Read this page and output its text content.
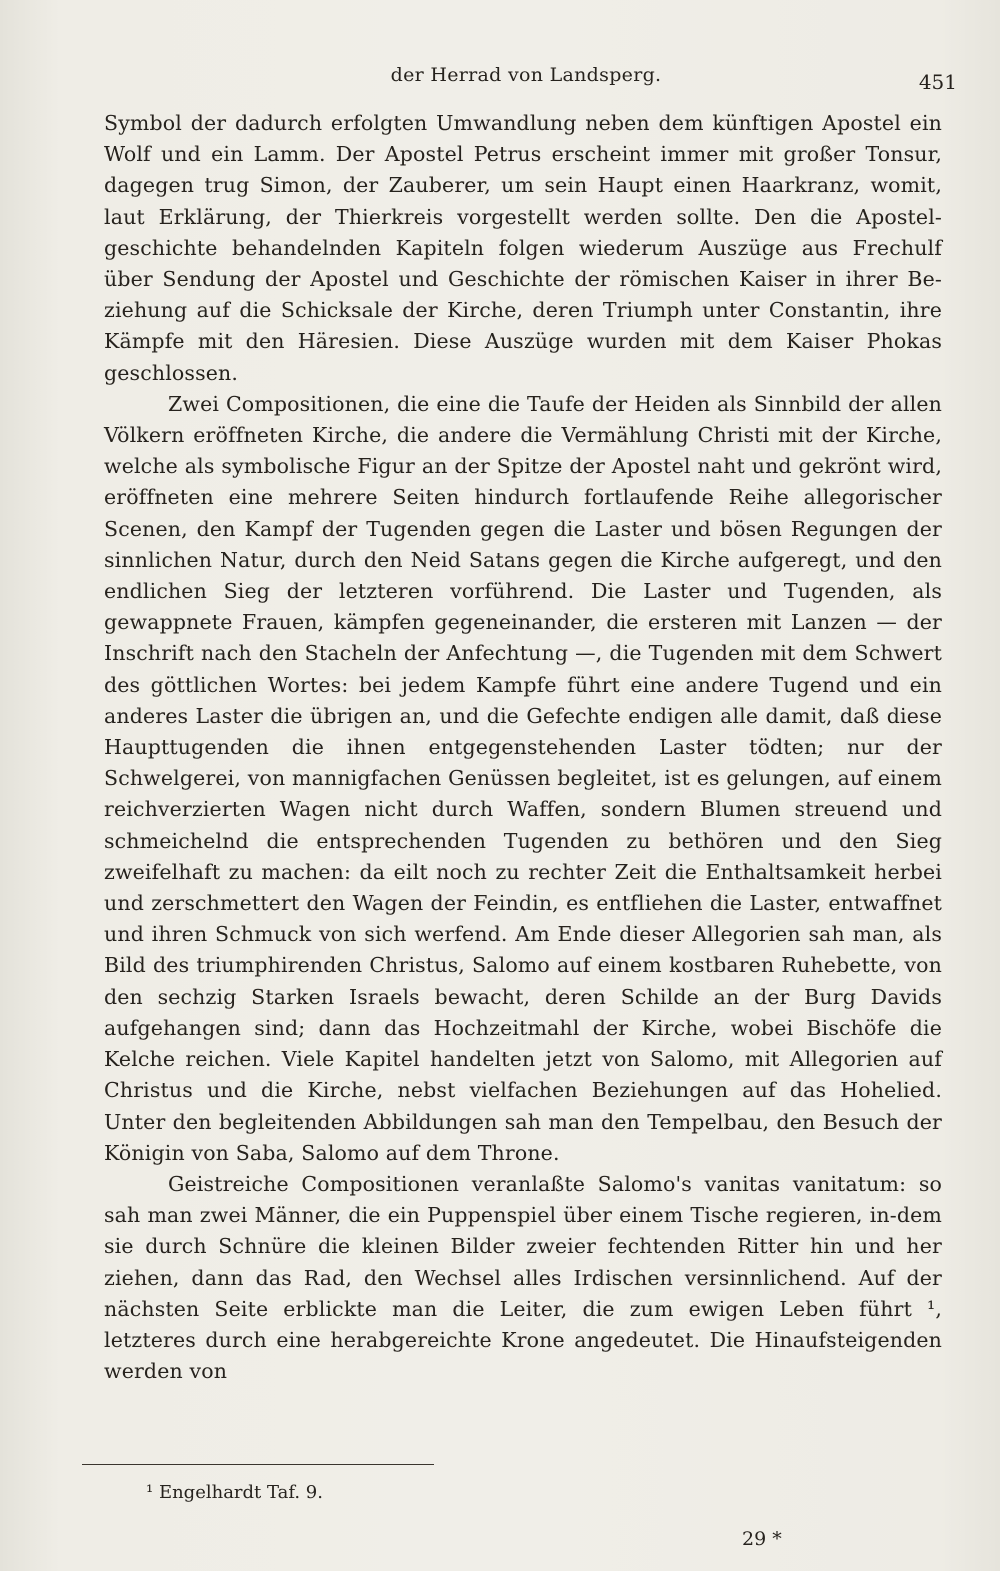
der Herrad von Landsperg.	451

Symbol der dadurch erfolgten Umwandlung neben dem künftigen Apostel ein Wolf und ein Lamm. Der Apostel Petrus erscheint immer mit großer Tonsur, dagegen trug Simon, der Zauberer, um sein Haupt einen Haarkranz, womit, laut Erklärung, der Thierkreis vorgestellt werden sollte. Den die Apostel-geschichte behandelnden Kapiteln folgen wiederum Auszüge aus Frechulf über Sendung der Apostel und Geschichte der römischen Kaiser in ihrer Be-ziehung auf die Schicksale der Kirche, deren Triumph unter Constantin, ihre Kämpfe mit den Häresien. Diese Auszüge wurden mit dem Kaiser Phokas geschlossen.

Zwei Compositionen, die eine die Taufe der Heiden als Sinnbild der allen Völkern eröffneten Kirche, die andere die Vermählung Christi mit der Kirche, welche als symbolische Figur an der Spitze der Apostel naht und gekrönt wird, eröffneten eine mehrere Seiten hindurch fortlaufende Reihe allegorischer Scenen, den Kampf der Tugenden gegen die Laster und bösen Regungen der sinnlichen Natur, durch den Neid Satans gegen die Kirche aufgeregt, und den endlichen Sieg der letzteren vorführend. Die Laster und Tugenden, als gewappnete Frauen, kämpfen gegeneinander, die ersteren mit Lanzen — der Inschrift nach den Stacheln der Anfechtung —, die Tugenden mit dem Schwert des göttlichen Wortes: bei jedem Kampfe führt eine andere Tugend und ein anderes Laster die übrigen an, und die Gefechte endigen alle damit, daß diese Haupttugenden die ihnen entgegenstehenden Laster tödten; nur der Schwelgerei, von mannigfachen Genüssen begleitet, ist es gelungen, auf einem reichverzierten Wagen nicht durch Waffen, sondern Blumen streuend und schmeichelnd die entsprechenden Tugenden zu bethören und den Sieg zweifelhaft zu machen: da eilt noch zu rechter Zeit die Enthaltsamkeit herbei und zerschmettert den Wagen der Feindin, es entfliehen die Laster, entwaffnet und ihren Schmuck von sich werfend. Am Ende dieser Allegorien sah man, als Bild des triumphirenden Christus, Salomo auf einem kostbaren Ruhebette, von den sechzig Starken Israels bewacht, deren Schilde an der Burg Davids aufgehangen sind; dann das Hochzeitmahl der Kirche, wobei Bischöfe die Kelche reichen. Viele Kapitel handelten jetzt von Salomo, mit Allegorien auf Christus und die Kirche, nebst vielfachen Beziehungen auf das Hohelied. Unter den begleitenden Abbildungen sah man den Tempelbau, den Besuch der Königin von Saba, Salomo auf dem Throne.

Geistreiche Compositionen veranlaßte Salomo's vanitas vanitatum: so sah man zwei Männer, die ein Puppenspiel über einem Tische regieren, in-dem sie durch Schnüre die kleinen Bilder zweier fechtenden Ritter hin und her ziehen, dann das Rad, den Wechsel alles Irdischen versinnlichend. Auf der nächsten Seite erblickte man die Leiter, die zum ewigen Leben führt ¹, letzteres durch eine herabgereichte Krone angedeutet. Die Hinaufsteigenden werden von

¹ Engelhardt Taf. 9.
29 *
